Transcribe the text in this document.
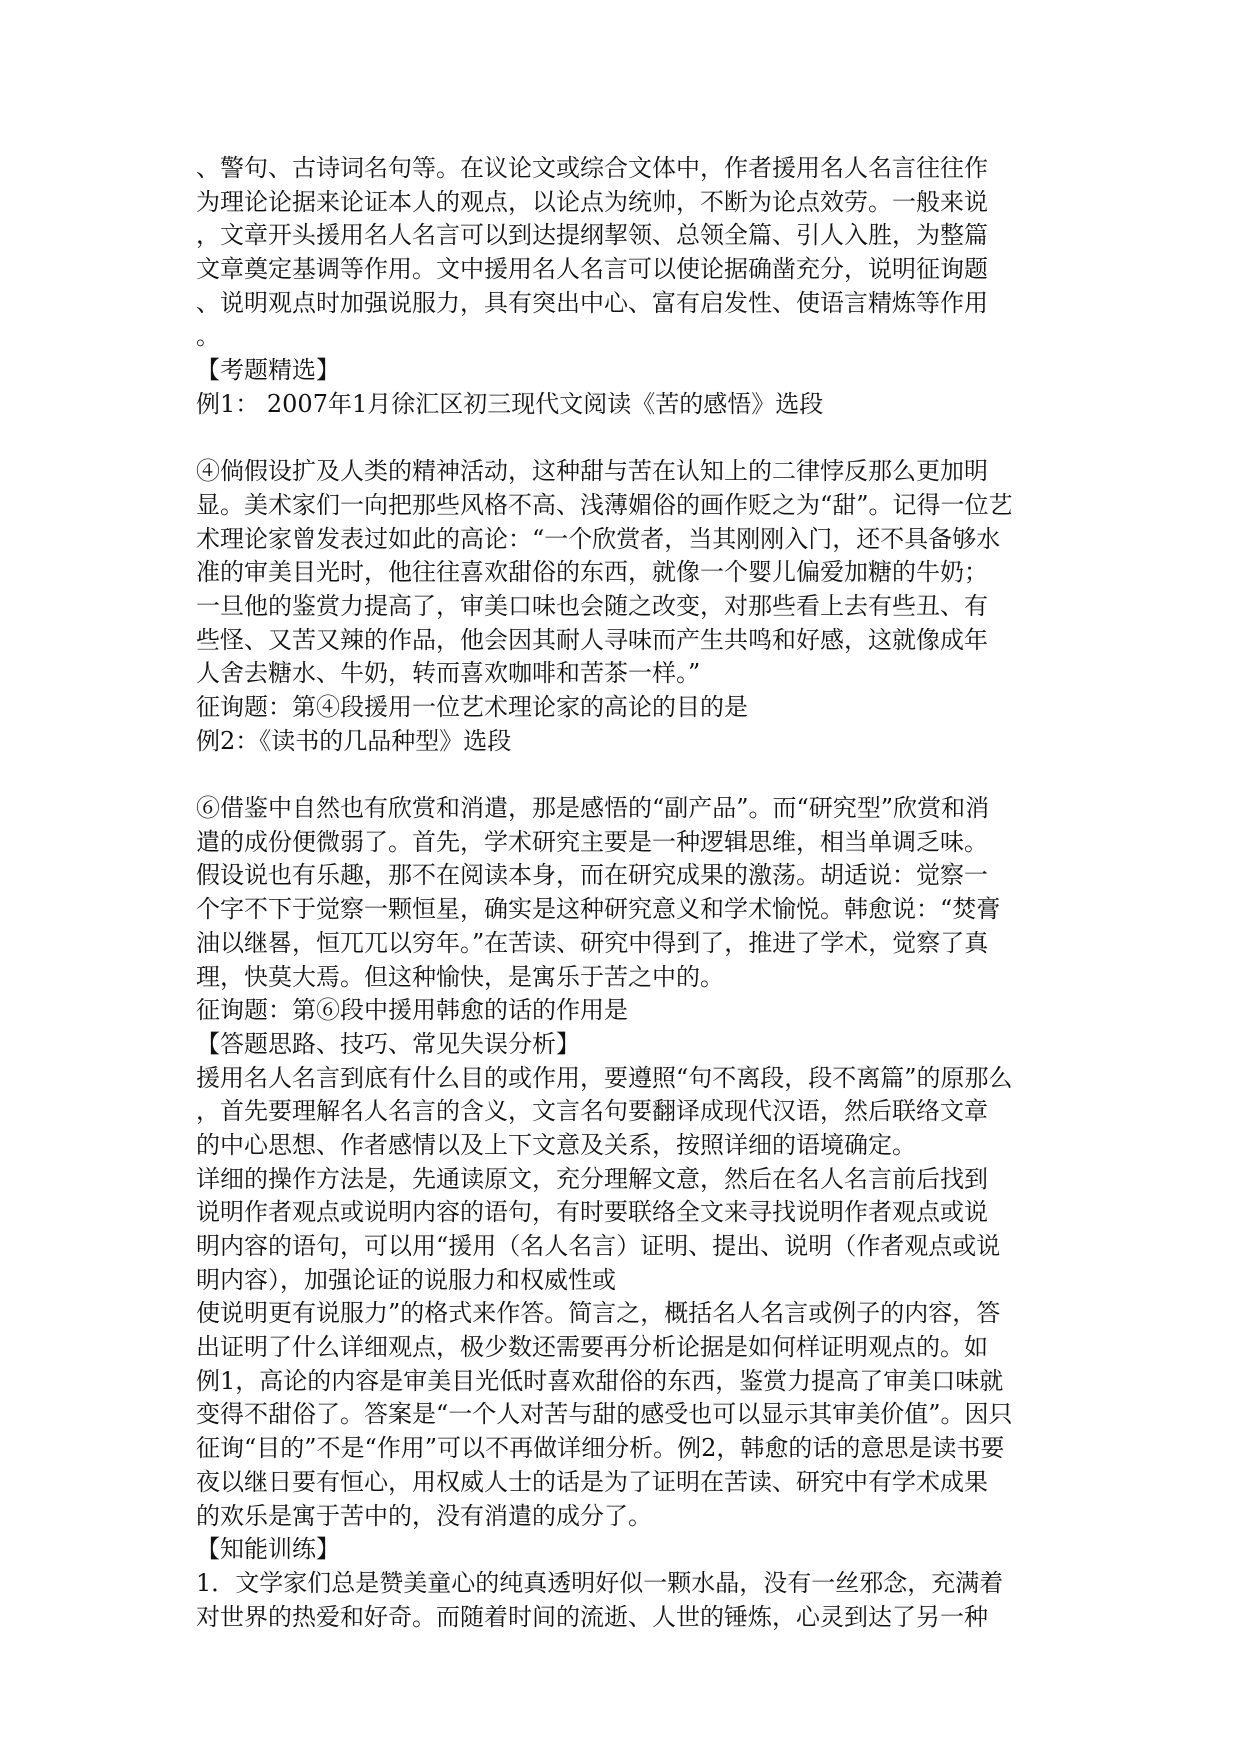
、警句、古诗词名句等。在议论文或综合文体中，作者援用名人名言往往作
为理论论据来论证本人的观点，以论点为统帅，不断为论点效劳。一般来说
，文章开头援用名人名言可以到达提纲挈领、总领全篇、引人入胜，为整篇
文章奠定基调等作用。文中援用名人名言可以使论据确凿充分，说明征询题
、说明观点时加强说服力，具有突出中心、富有启发性、使语言精炼等作用
。
【考题精选】
例1： 2007年1月徐汇区初三现代文阅读《苦的感悟》选段
④倘假设扩及人类的精神活动，这种甜与苦在认知上的二律悖反那么更加明
显。美术家们一向把那些风格不高、浅薄媚俗的画作贬之为“甜”。记得一位艺
术理论家曾发表过如此的高论：“一个欣赏者，当其刚刚入门，还不具备够水
准的审美目光时，他往往喜欢甜俗的东西，就像一个婴儿偏爱加糖的牛奶；
一旦他的鉴赏力提高了，审美口味也会随之改变，对那些看上去有些丑、有
些怪、又苦又辣的作品，他会因其耐人寻味而产生共鸣和好感，这就像成年
人舍去糖水、牛奶，转而喜欢咖啡和苦茶一样。”
征询题：第④段援用一位艺术理论家的高论的目的是
例2：《读书的几品种型》选段
⑥借鉴中自然也有欣赏和消遣，那是感悟的“副产品”。而“研究型”欣赏和消
遣的成份便微弱了。首先，学术研究主要是一种逻辑思维，相当单调乏味。
假设说也有乐趣，那不在阅读本身，而在研究成果的激荡。胡适说：觉察一
个字不下于觉察一颗恒星，确实是这种研究意义和学术愉悦。韩愈说：“焚膏
油以继晷，恒兀兀以穷年。”在苦读、研究中得到了，推进了学术，觉察了真
理，快莫大焉。但这种愉快，是寓乐于苦之中的。
征询题：第⑥段中援用韩愈的话的作用是
【答题思路、技巧、常见失误分析】
援用名人名言到底有什么目的或作用，要遵照“句不离段，段不离篇”的原那么
，首先要理解名人名言的含义，文言名句要翻译成现代汉语，然后联络文章
的中心思想、作者感情以及上下文意及关系，按照详细的语境确定。
详细的操作方法是，先通读原文，充分理解文意，然后在名人名言前后找到
说明作者观点或说明内容的语句，有时要联络全文来寻找说明作者观点或说
明内容的语句，可以用“援用（名人名言）证明、提出、说明（作者观点或说
明内容），加强论证的说服力和权威性或
使说明更有说服力”的格式来作答。简言之，概括名人名言或例子的内容，答
出证明了什么详细观点，极少数还需要再分析论据是如何样证明观点的。如
例1，高论的内容是审美目光低时喜欢甜俗的东西，鉴赏力提高了审美口味就
变得不甜俗了。答案是“一个人对苦与甜的感受也可以显示其审美价值”。因只
征询“目的”不是“作用”可以不再做详细分析。例2，韩愈的话的意思是读书要
夜以继日要有恒心，用权威人士的话是为了证明在苦读、研究中有学术成果
的欢乐是寓于苦中的，没有消遣的成分了。
【知能训练】
1．文学家们总是赞美童心的纯真透明好似一颗水晶，没有一丝邪念，充满着
对世界的热爱和好奇。而随着时间的流逝、人世的锤炼，心灵到达了另一种
